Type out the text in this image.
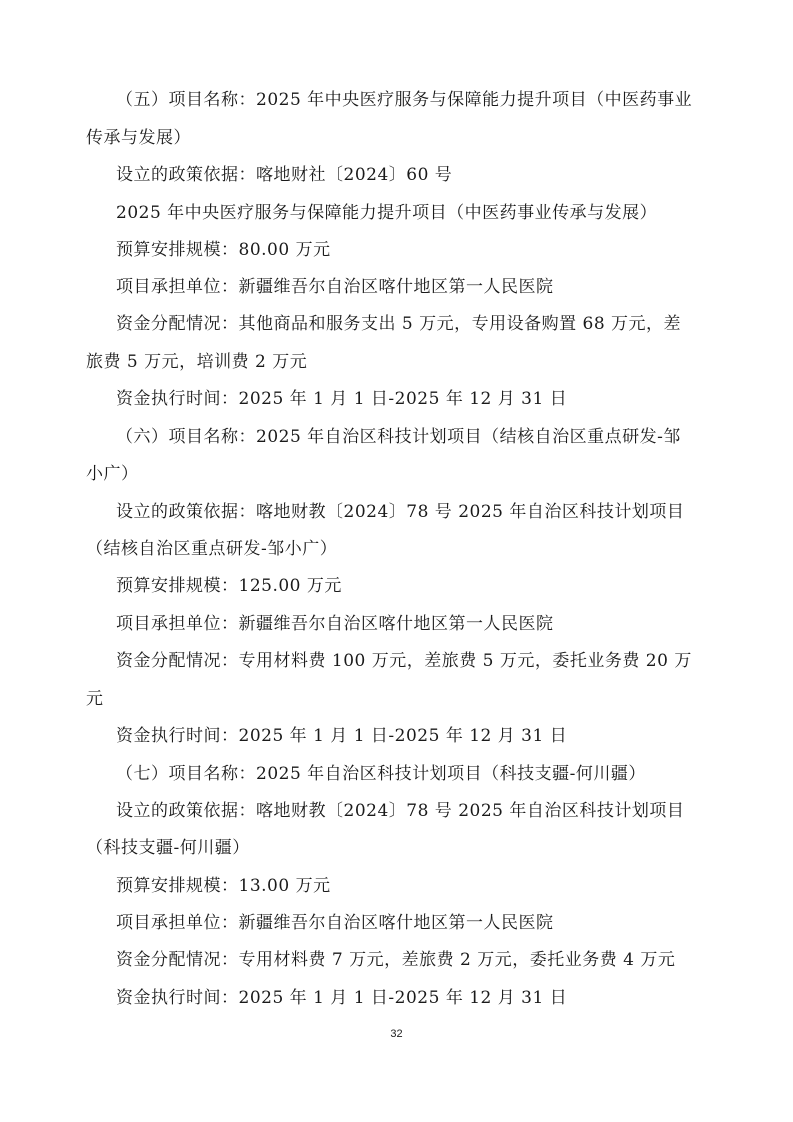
（五）项目名称：2025 年中央医疗服务与保障能力提升项目（中医药事业
传承与发展）
设立的政策依据：喀地财社〔2024〕60 号
2025 年中央医疗服务与保障能力提升项目（中医药事业传承与发展）
预算安排规模：80.00 万元
项目承担单位：新疆维吾尔自治区喀什地区第一人民医院
资金分配情况：其他商品和服务支出 5 万元，专用设备购置 68 万元，差
旅费 5 万元，培训费 2 万元
资金执行时间：2025 年 1 月 1 日-2025 年 12 月 31 日
（六）项目名称：2025 年自治区科技计划项目（结核自治区重点研发-邹
小广）
设立的政策依据：喀地财教〔2024〕78 号 2025 年自治区科技计划项目
（结核自治区重点研发-邹小广）
预算安排规模：125.00 万元
项目承担单位：新疆维吾尔自治区喀什地区第一人民医院
资金分配情况：专用材料费 100 万元，差旅费 5 万元，委托业务费 20 万
元
资金执行时间：2025 年 1 月 1 日-2025 年 12 月 31 日
（七）项目名称：2025 年自治区科技计划项目（科技支疆-何川疆）
设立的政策依据：喀地财教〔2024〕78 号 2025 年自治区科技计划项目
（科技支疆-何川疆）
预算安排规模：13.00 万元
项目承担单位：新疆维吾尔自治区喀什地区第一人民医院
资金分配情况：专用材料费 7 万元，差旅费 2 万元，委托业务费 4 万元
资金执行时间：2025 年 1 月 1 日-2025 年 12 月 31 日
32
